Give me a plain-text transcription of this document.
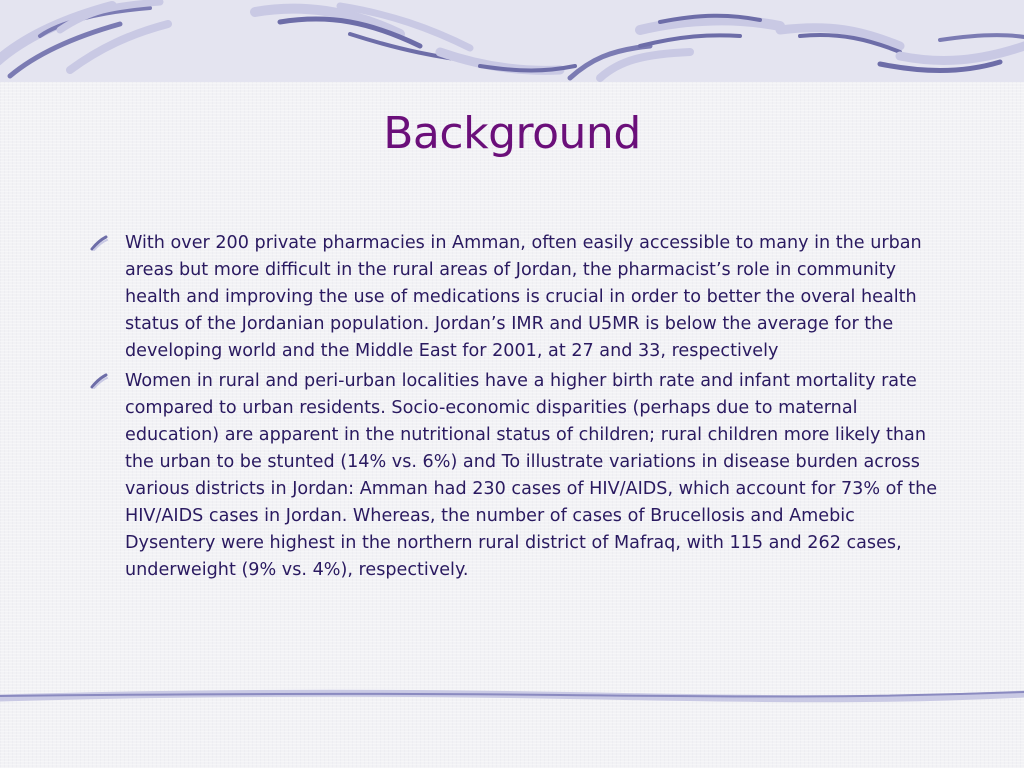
Background
With over 200 private pharmacies in Amman, often easily accessible to many in the urban areas but more difficult in the rural areas of Jordan, the pharmacist’s role in community health and improving the use of medications is crucial in order to better the overal health status of the Jordanian population. Jordan’s IMR and U5MR is below the average for the developing world and the Middle East for 2001, at 27 and 33, respectively
Women in rural and peri-urban localities have a higher birth rate and infant mortality rate compared to urban residents. Socio-economic disparities (perhaps due to maternal education) are apparent in the nutritional status of children; rural children more likely than the urban to be stunted (14% vs. 6%) and To illustrate variations in disease burden across various districts in Jordan: Amman had 230 cases of HIV/AIDS, which account for 73% of the HIV/AIDS cases in Jordan. Whereas, the number of cases of Brucellosis and Amebic Dysentery were highest in the northern rural district of Mafraq, with 115 and 262 cases, underweight (9% vs. 4%), respectively.
